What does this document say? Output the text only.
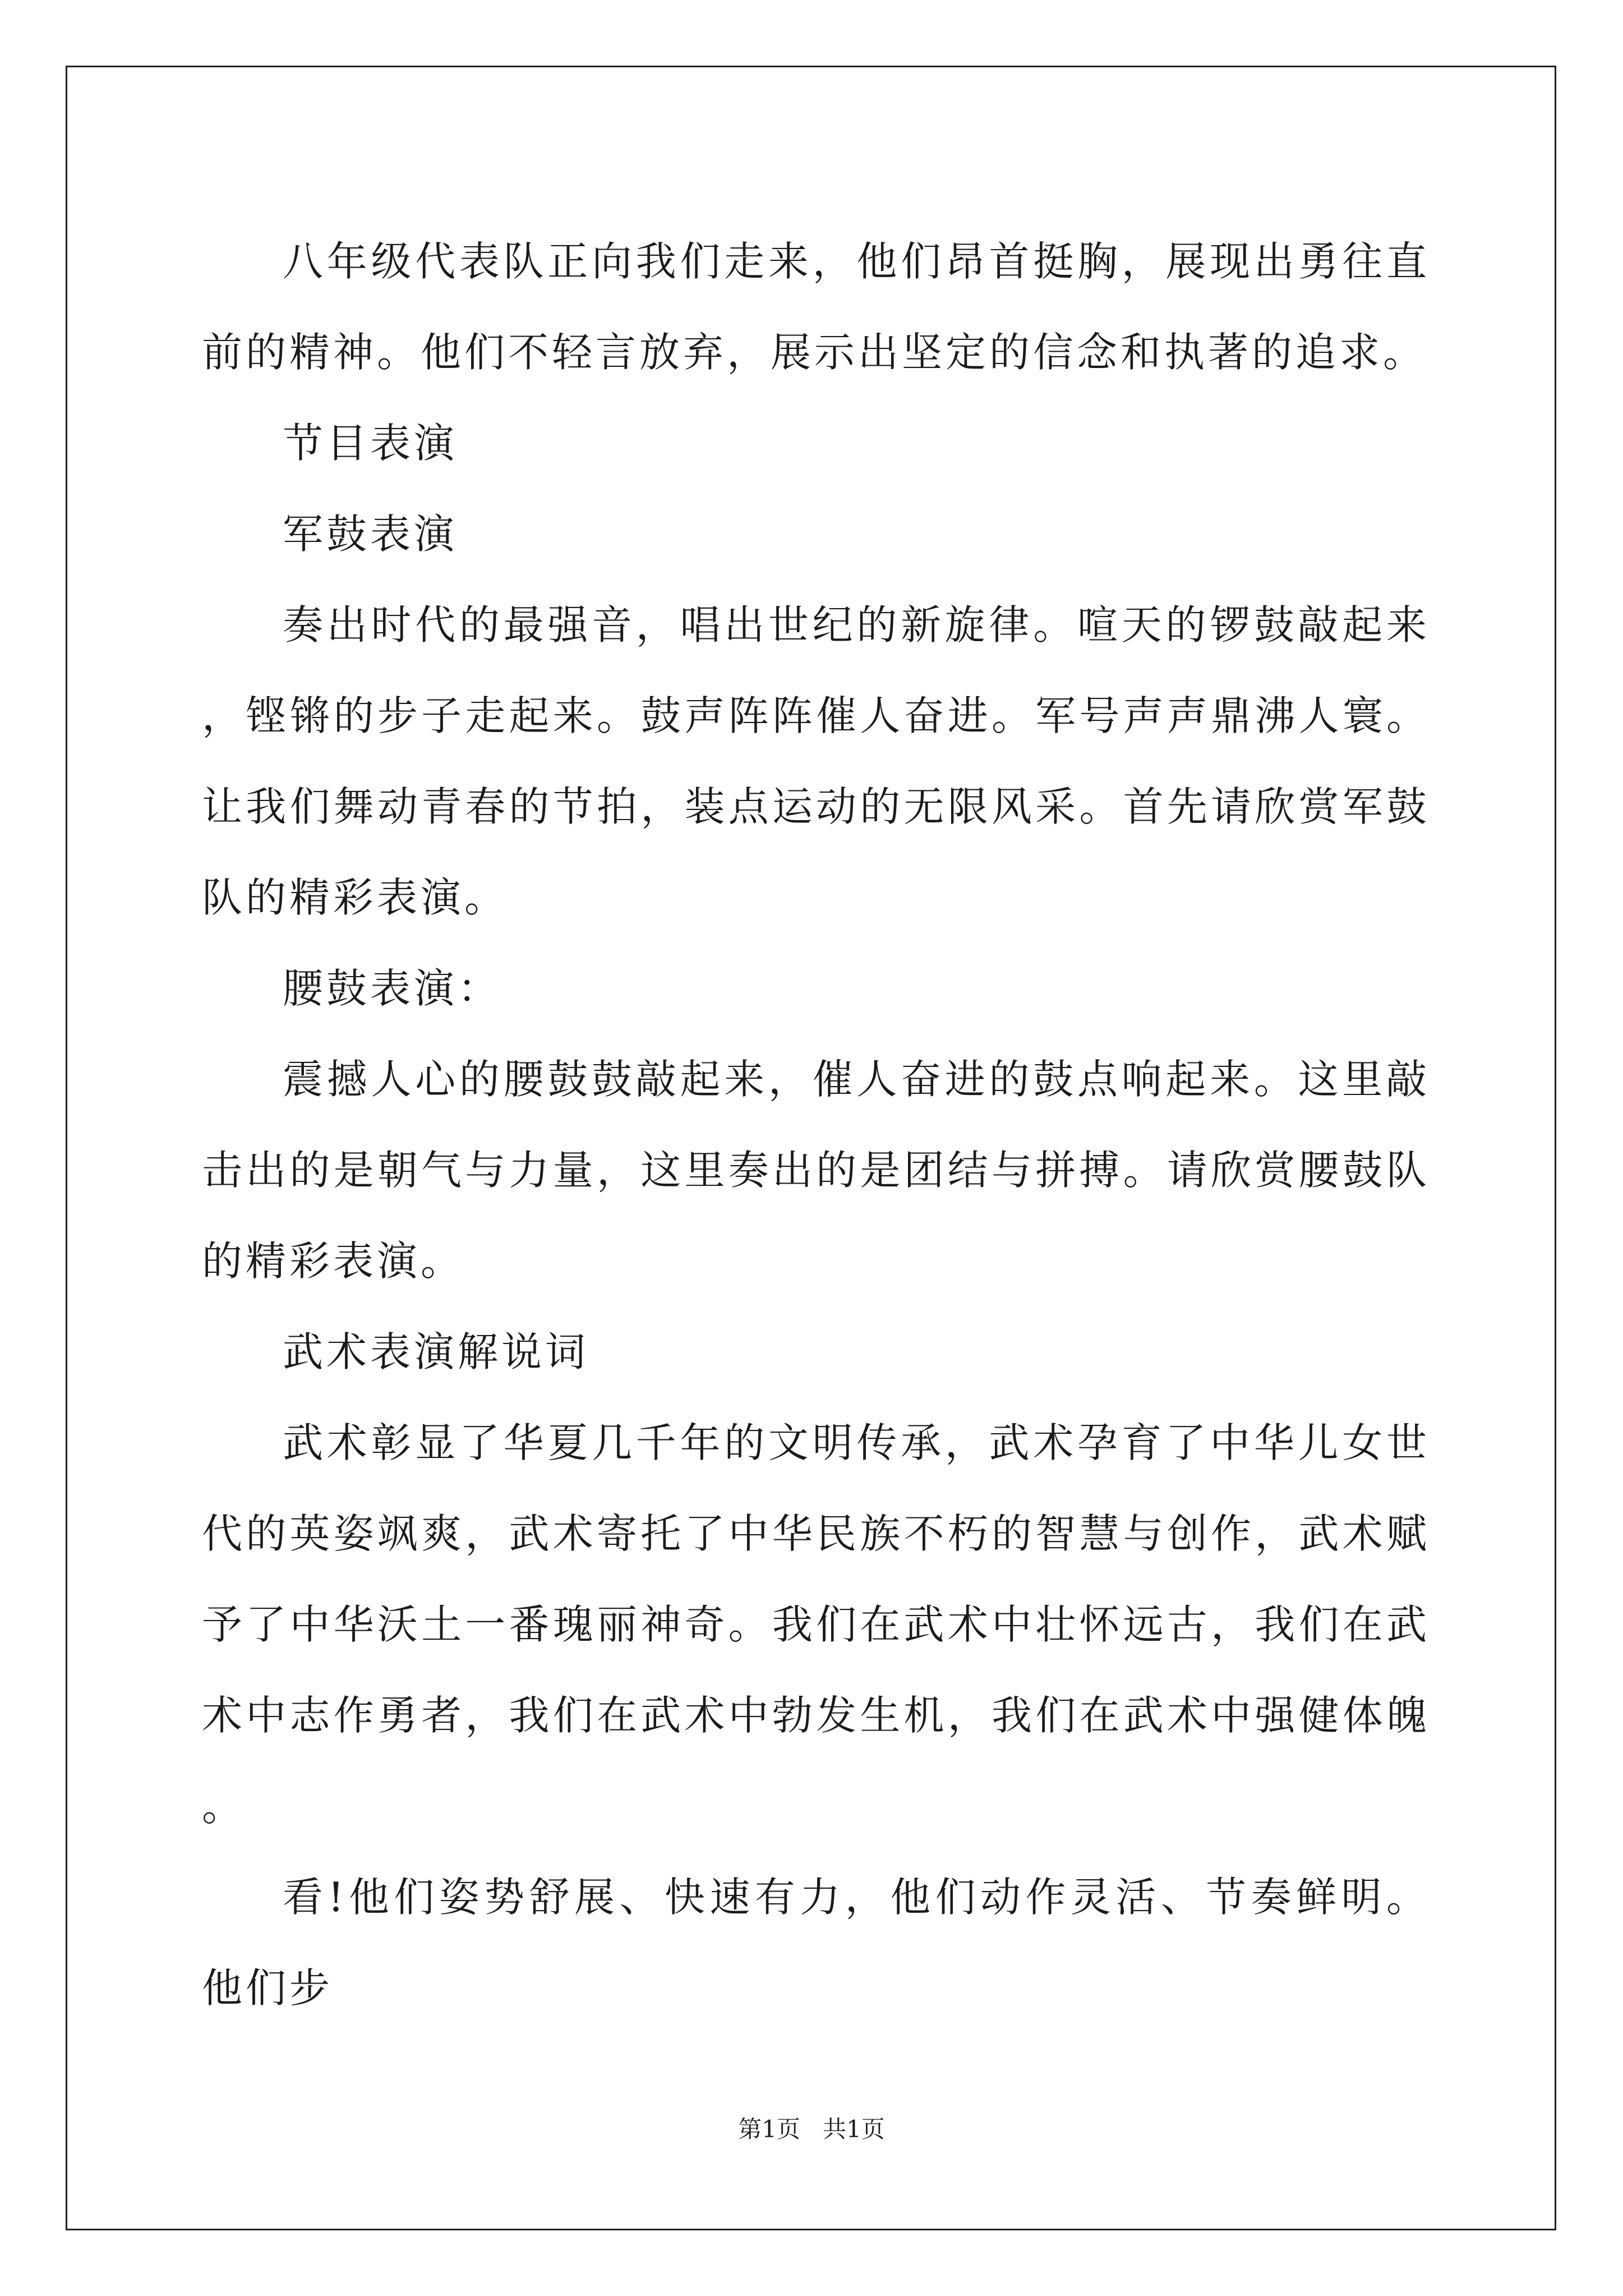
八年级代表队正向我们走来，他们昂首挺胸，展现出勇往直前的精神。他们不轻言放弃，展示出坚定的信念和执著的追求。

节目表演

军鼓表演

奏出时代的最强音，唱出世纪的新旋律。喧天的锣鼓敲起来，铿锵的步子走起来。鼓声阵阵催人奋进。军号声声鼎沸人寰。让我们舞动青春的节拍，装点运动的无限风采。首先请欣赏军鼓队的精彩表演。

腰鼓表演：

震撼人心的腰鼓鼓敲起来，催人奋进的鼓点响起来。这里敲击出的是朝气与力量，这里奏出的是团结与拼搏。请欣赏腰鼓队的精彩表演。

武术表演解说词

武术彰显了华夏几千年的文明传承，武术孕育了中华儿女世代的英姿飒爽，武术寄托了中华民族不朽的智慧与创作，武术赋予了中华沃土一番瑰丽神奇。我们在武术中壮怀远古，我们在武术中志作勇者，我们在武术中勃发生机，我们在武术中强健体魄。

看!他们姿势舒展、快速有力，他们动作灵活、节奏鲜明。他们步

第1页 共1页
